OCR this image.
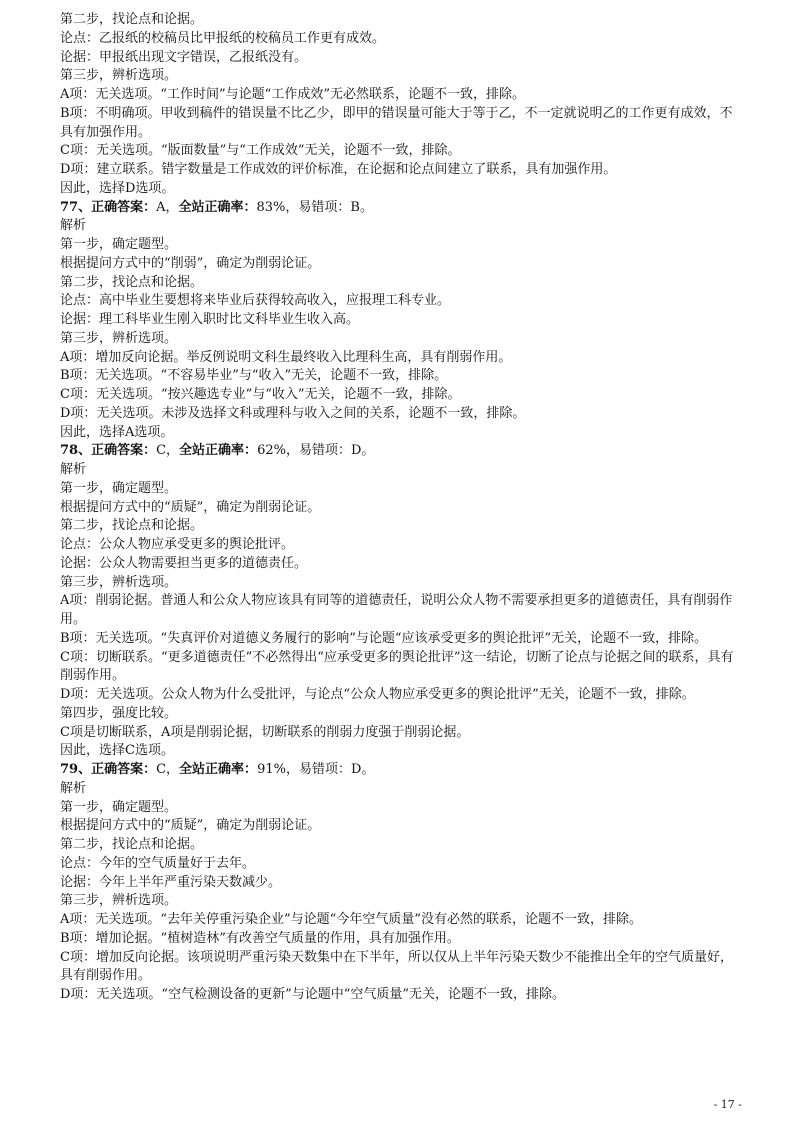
第二步，找论点和论据。

论点：乙报纸的校稿员比甲报纸的校稿员工作更有成效。

论据：甲报纸出现文字错误，乙报纸没有。

第三步，辨析选项。

A项：无关选项。“工作时间”与论题“工作成效”无必然联系，论题不一致，排除。

B项：不明确项。甲收到稿件的错误量不比乙少，即甲的错误量可能大于等于乙，不一定就说明乙的工作更有成效，不具有加强作用。

C项：无关选项。“版面数量”与“工作成效”无关，论题不一致，排除。

D项：建立联系。错字数量是工作成效的评价标准，在论据和论点间建立了联系，具有加强作用。

因此，选择D选项。

77、正确答案：A，全站正确率：83%，易错项：B。

解析

第一步，确定题型。

根据提问方式中的“削弱”，确定为削弱论证。

第二步，找论点和论据。

论点：高中毕业生要想将来毕业后获得较高收入，应报理工科专业。

论据：理工科毕业生刚入职时比文科毕业生收入高。

第三步，辨析选项。

A项：增加反向论据。举反例说明文科生最终收入比理科生高，具有削弱作用。

B项：无关选项。“不容易毕业”与“收入”无关，论题不一致，排除。

C项：无关选项。“按兴趣选专业”与“收入”无关，论题不一致，排除。

D项：无关选项。未涉及选择文科或理科与收入之间的关系，论题不一致，排除。

因此，选择A选项。

78、正确答案：C，全站正确率：62%，易错项：D。

解析

第一步，确定题型。

根据提问方式中的“质疑”，确定为削弱论证。

第二步，找论点和论据。

论点：公众人物应承受更多的舆论批评。

论据：公众人物需要担当更多的道德责任。

第三步，辨析选项。

A项：削弱论据。普通人和公众人物应该具有同等的道德责任，说明公众人物不需要承担更多的道德责任，具有削弱作用。

B项：无关选项。“失真评价对道德义务履行的影响”与论题“应该承受更多的舆论批评”无关，论题不一致，排除。

C项：切断联系。“更多道德责任”不必然得出“应承受更多的舆论批评”这一结论，切断了论点与论据之间的联系，具有削弱作用。

D项：无关选项。公众人物为什么受批评，与论点“公众人物应承受更多的舆论批评”无关，论题不一致，排除。

第四步，强度比较。

C项是切断联系，A项是削弱论据，切断联系的削弱力度强于削弱论据。

因此，选择C选项。

79、正确答案：C，全站正确率：91%，易错项：D。

解析

第一步，确定题型。

根据提问方式中的“质疑”，确定为削弱论证。

第二步，找论点和论据。

论点：今年的空气质量好于去年。

论据：今年上半年严重污染天数减少。

第三步，辨析选项。

A项：无关选项。“去年关停重污染企业”与论题“今年空气质量”没有必然的联系，论题不一致，排除。

B项：增加论据。“植树造林”有改善空气质量的作用，具有加强作用。

C项：增加反向论据。该项说明严重污染天数集中在下半年，所以仅从上半年污染天数少不能推出全年的空气质量好，具有削弱作用。

D项：无关选项。“空气检测设备的更新”与论题中“空气质量”无关，论题不一致，排除。

- 17 -
